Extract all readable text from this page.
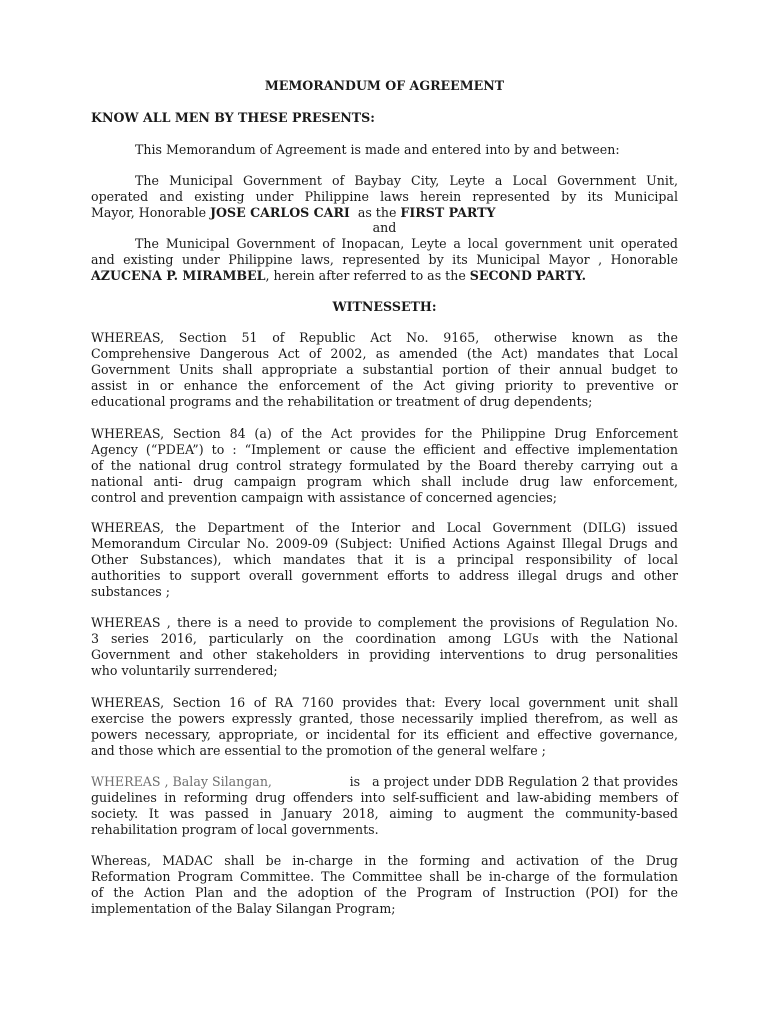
MEMORANDUM OF AGREEMENT
KNOW ALL MEN BY THESE PRESENTS:
This Memorandum of Agreement is made and entered into by and between:
The Municipal Government of Baybay City, Leyte a Local Government Unit,
operated and existing under Philippine laws herein represented by its Municipal
Mayor, Honorable JOSE CARLOS CARI  as the FIRST PARTY
and
The Municipal Government of Inopacan, Leyte a local government unit operated
and existing under Philippine laws, represented by its Municipal Mayor , Honorable
AZUCENA P. MIRAMBEL, herein after referred to as the SECOND PARTY.
WITNESSETH:
WHEREAS, Section 51 of Republic Act No. 9165, otherwise known as the
Comprehensive Dangerous Act of 2002, as amended (the Act) mandates that Local
Government Units shall appropriate a substantial portion of their annual budget to
assist in or enhance the enforcement of the Act giving priority to preventive or
educational programs and the rehabilitation or treatment of drug dependents;
WHEREAS, Section 84 (a) of the Act provides for the Philippine Drug Enforcement
Agency (“PDEA”) to : “Implement or cause the efficient and effective implementation
of the national drug control strategy formulated by the Board thereby carrying out a
national anti- drug campaign program which shall include drug law enforcement,
control and prevention campaign with assistance of concerned agencies;
WHEREAS, the Department of the Interior and Local Government (DILG) issued
Memorandum Circular No. 2009-09 (Subject: Unified Actions Against Illegal Drugs and
Other Substances), which mandates that it is a principal responsibility of local
authorities to support overall government efforts to address illegal drugs and other
substances ;
WHEREAS , there is a need to provide to complement the provisions of Regulation No.
3 series 2016, particularly on the coordination among LGUs with the National
Government and other stakeholders in providing interventions to drug personalities
who voluntarily surrendered;
WHEREAS, Section 16 of RA 7160 provides that: Every local government unit shall
exercise the powers expressly granted, those necessarily implied therefrom, as well as
powers necessary, appropriate, or incidental for its efficient and effective governance,
and those which are essential to the promotion of the general welfare ;
WHEREAS , Balay Silangan,	is   a project under DDB Regulation 2 that provides
guidelines in reforming drug offenders into self-sufficient and law-abiding members of
society. It was passed in January 2018, aiming to augment the community-based
rehabilitation program of local governments.
Whereas, MADAC shall be in-charge in the forming and activation of the Drug
Reformation Program Committee. The Committee shall be in-charge of the formulation
of the Action Plan and the adoption of the Program of Instruction (POI) for the
implementation of the Balay Silangan Program;
